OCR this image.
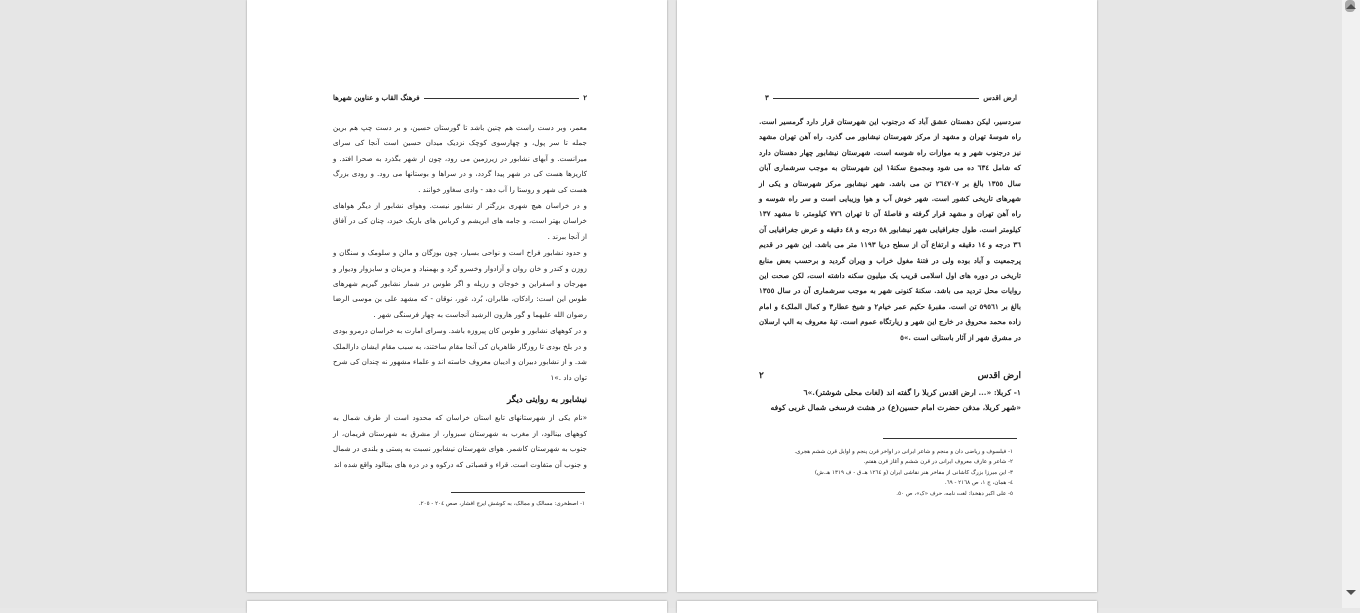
٢
فرهنگ القاب و عناوین شهرها

معمر، وبر دست راست هم چنین باشد تا گورستان حسین، و بر دست چپ هم برین جمله تا سر پول، و چهارسوی کوچک نزدیک میدان حسین است آنجا کی سرای میرانست. و آبهای نشابور در زیرزمین می رود، چون از شهر بگذرد به صحرا افتد. و کاریزها هست کی در شهر پیدا گردد، و در سراها و بوستانها می رود. و رودی بزرگ هست کی شهر و روستا را آب دهد - وادی سغاور خوانند .

و در خراسان هیچ شهری بزرگتر از نشابور نیست. وهوای نشابور از دیگر هواهای خراسان بهتر است، و جامه های ابریشم و کرباس های باریک خیزد، چنان کی در آفاق از آنجا ببرند .

و حدود نشابور فراخ است و نواحی بسیار، چون بوزگان و مالن و سلومک و سنگان و زوزن و کندر و خان روان و آزادوار وخسرو گرد و بهمنباد و مزینان و سابزوار ودیوار و مهرجان و اسفراین و خوجان و رزیله و اگر طوس در شمار نشابور گیریم شهرهای طوس این است: رادکان، طابران، بُرذ، غور، نوقان - که مشهد علی بن موسی الرضا رضوان الله علیهما و گور هارون الرشید آنجاست به چهار فرسنگی شهر .

و در کوههای نشابور و طوس کان پیروزه باشد. وسرای امارت به خراسان درمرو بودی و در بلخ بودی تا روزگار طاهریان کی آنجا مقام ساختند، به سبب مقام ایشان دارالملک شد. و از نشابور دبیران و ادیبان معروف خاسته اند و علماء مشهور نه چندان کی شرح توان داد .»١

نیشابور به روایتی دیگر

«نام یکی از شهرستانهای تابع استان خراسان که محدود است از طرف شمال به کوههای بینالود، از مغرب به شهرستان سبزوار، از مشرق به شهرستان فریمان، از جنوب به شهرستان کاشمر. هوای شهرستان نیشابور نسبت به پستی و بلندی در شمال و جنوب آن متفاوت است. قراء و قصباتی که درکوه و در دره های بینالود واقع شده اند

١- اصطخری: مسالک و ممالک، به کوشش ایرج افشار، صص ٢٠٤ - ٢٠٥.
ارض اقدس
٣

سردسیر، لیکن دهستان عشق آباد که درجنوب این شهرستان قرار دارد گرمسیر است. راه شوسهٔ تهران و مشهد از مرکز شهرستان نیشابور می گذرد. راه آهن تهران مشهد نیز درجنوب شهر و به موازات راه شوسه است. شهرستان نیشابور چهار دهستان دارد که شامل ٦٣٤ ده می شود ومجموع سکنهٔ١ این شهرستان به موجب سرشماری آبان سال ١٣٥٥ بالغ بر ٢٦٤٧٠٧ تن می باشد. شهر نیشابور مرکز شهرستان و یکی از شهرهای تاریخی کشور است. شهر خوش آب و هوا وزیبایی است و سر راه شوسه و راه آهن تهران و مشهد قرار گرفته و فاصلهٔ آن تا تهران ٧٧٦ کیلومتر، تا مشهد ١٣٧ کیلومتر است. طول جغرافیایی شهر نیشابور ٥٨ درجه و ٤٨ دقیقه و عرض جغرافیایی آن ٣٦ درجه و ١٤ دقیقه و ارتفاع آن از سطح دریا ١١٩٣ متر می باشد. این شهر در قدیم پرجمعیت و آباد بوده ولی در فتنهٔ مغول خراب و ویران گردید و برحسب بعض منابع تاریخی در دوره های اول اسلامی قریب یک میلیون سکنه داشته است، لکن صحت این روایات محل تردید می باشد. سکنهٔ کنونی شهر به موجب سرشماری آن در سال ١٣٥٥ بالغ بر ٥٩٥٦١ تن است. مقبرهٔ حکیم عمر خیام٢ و شیخ عطار٣ و کمال الملک٤ و امام زاده محمد محروق در خارج این شهر و زیارتگاه عموم است. تپهٔ معروف به الپ ارسلان در مشرق شهر از آثار باستانی است .»٥

ارض اقدس
٢
١- کربلا: «... ارض اقدس کربلا را گفته اند (لغات محلی شوشتر).»٦
«شهر کربلا، مدفن حضرت امام حسین(ع) در هشت فرسخی شمال غربی کوفه
١- فیلسوف و ریاضی دان و منجم و شاعر ایرانی در اواخر قرن پنجم و اوایل قرن ششم هجری.
٢- شاعر و عارف معروف ایرانی در قرن ششم و آغاز قرن هفتم.
٣- این میرزا بزرگ کاشانی از مفاخر هنر نقاشی ایران (و ١٢٦٤ هـ.ق - ف ١٣١٩ هـ.ش)
٤- همان، ج ١، ص ٢١٦٨ - ٦٩.
٥- علی اکبر دهخدا: لغت نامه، حرف «ک»، ص ٥٠.
